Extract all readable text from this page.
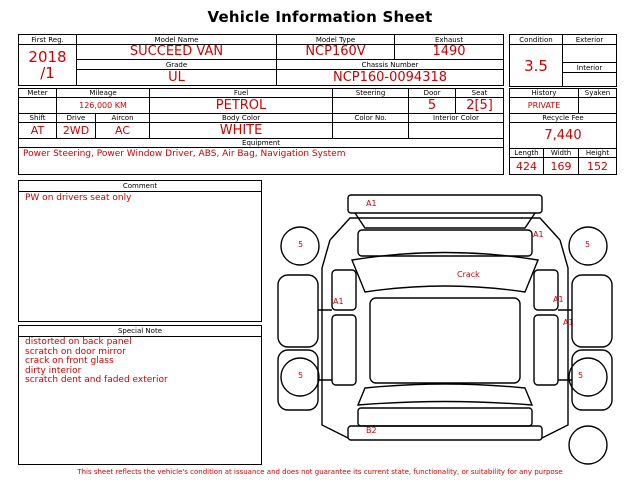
Vehicle Information Sheet
First Reg.	Model Name	Model Type	Exhaust

2018
/1	SUCCEED VAN	NCP160V	1490
	Grade	Chassis Number	
	UL	NCP160-0094318	
Condition	Exterior
3.5	
	Interior

Meter	Mileage		Fuel	Steering	Door	Seat
	126,000 KM		PETROL		5	2[5]
Shift	Drive	Aircon	Body Color	Color No.	Interior Color	
AT	2WD	AC	WHITE			
Equipment						
Power Steering, Power Window Driver, ABS, Air Bag, Navigation System						
History		Syaken
PRIVATE		
Recycle Fee		
7,440		
Length	Width	Height
424	169	152
Comment
PW on drivers seat only
Special Note
distorted on back panel
scratch on door mirror
crack on front glass
dirty interior
scratch dent and faded exterior
A1
5	5
A1
Crack
A1	A1
A1
5	5
B2
This sheet reflects the vehicle's condition at issuance and does not guarantee its current state, functionality, or suitability for any purpose
